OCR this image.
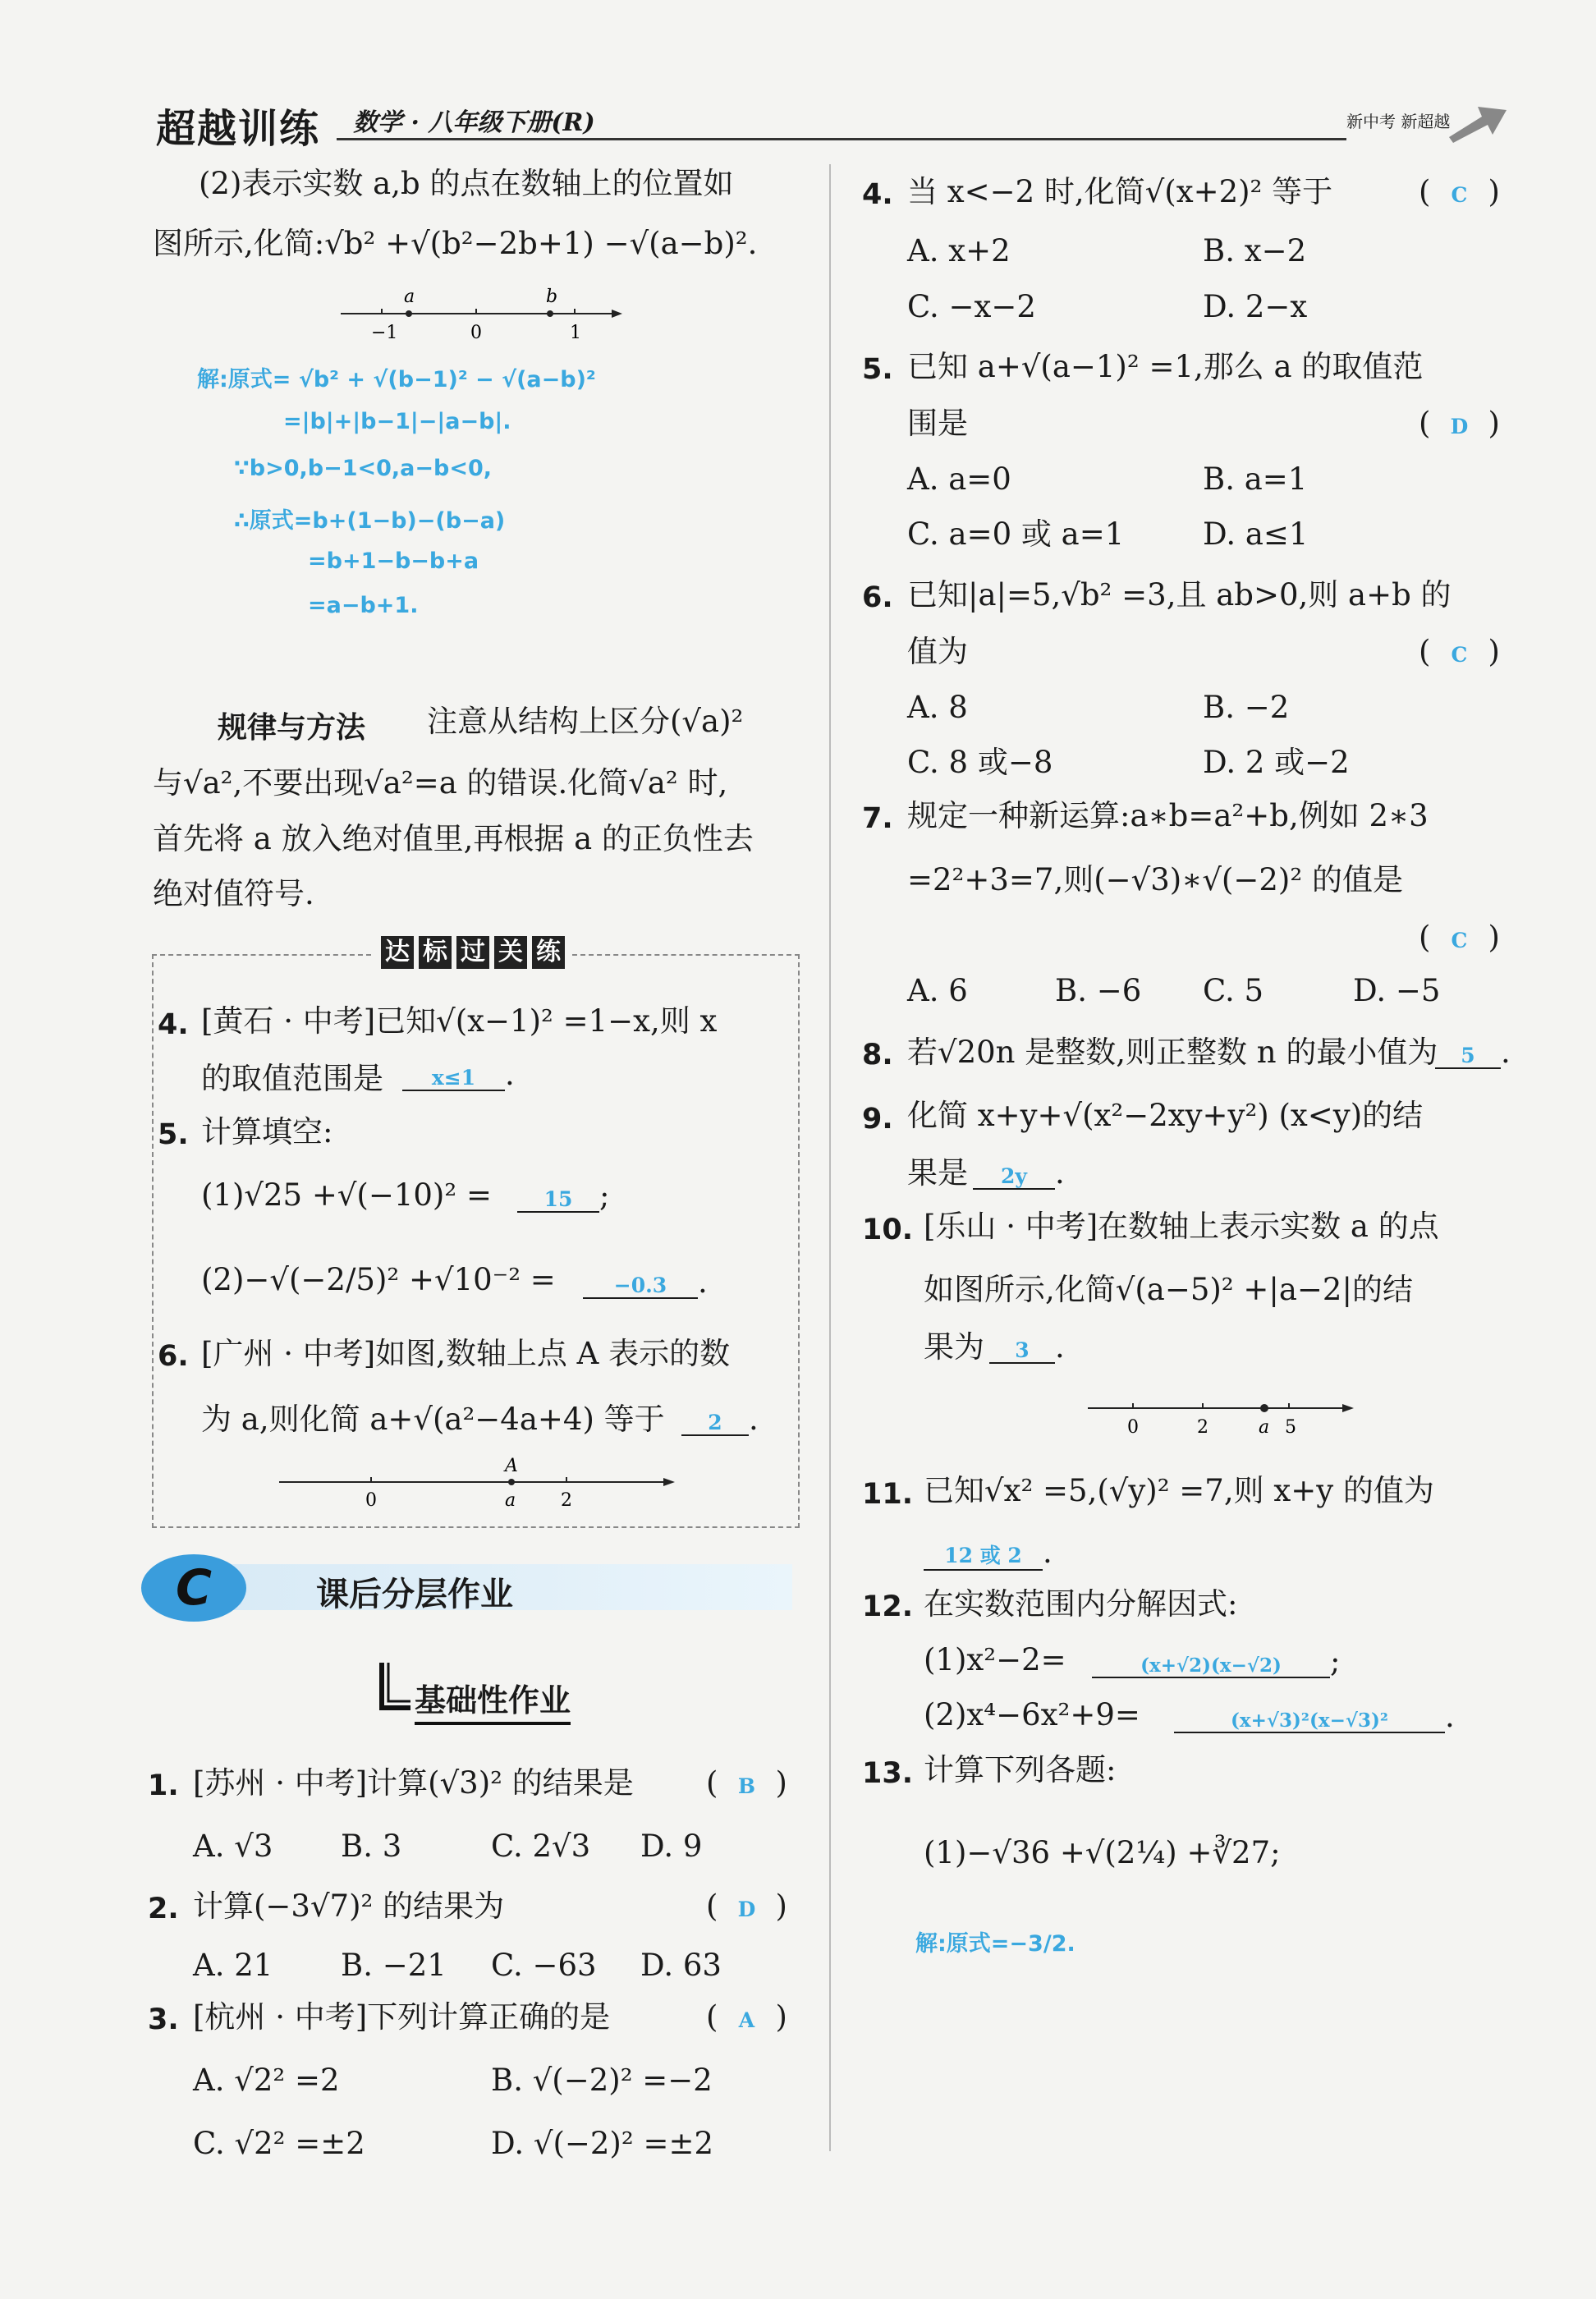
超越训练 数学 · 八年级下册(R)	新中考 新超越
(2)表示实数 a,b 的点在数轴上的位置如
图所示,化简:√b² +√(b²−2b+1) −√(a−b)².
a	b
−1	0	1
解:原式= √b² + √(b−1)² − √(a−b)²
=|b|+|b−1|−|a−b|.
∵b>0,b−1<0,a−b<0,
∴原式=b+(1−b)−(b−a)
=b+1−b−b+a
=a−b+1.
规律与方法 注意从结构上区分(√a)²
与√a²,不要出现√a²=a 的错误.化简√a² 时,
首先将 a 放入绝对值里,再根据 a 的正负性去
绝对值符号.
达 标 过 关 练
4. [黄石 · 中考]已知√(x−1)² =1−x,则 x
的取值范围是	x≤1 .
5. 计算填空:
(1)√25 +√(−10)² =	15 ;
(2)−√(−2/5)² +√10⁻² =	−0.3 .
6. [广州 · 中考]如图,数轴上点 A 表示的数
为 a,则化简 a+√(a²−4a+4) 等于	2 .
A
0	a 2
C	课后分层作业
基础性作业
1. [苏州 · 中考]计算(√3)² 的结果是 ( B )
A. √3 B. 3	C. 2√3 D. 9
2. 计算(−3√7)² 的结果为	( D )
A. 21 B. −21 C. −63 D. 63
3. [杭州 · 中考]下列计算正确的是	( A )
A. √2² =2	B. √(−2)² =−2
C. √2² =±2	D. √(−2)² =±2
4. 当 x<−2 时,化简√(x+2)² 等于	( C )
A. x+2	B. x−2
C. −x−2	D. 2−x
5. 已知 a+√(a−1)² =1,那么 a 的取值范
围是	( D )
A. a=0	B. a=1
C. a=0 或 a=1	D. a≤1
6. 已知|a|=5,√b² =3,且 ab>0,则 a+b 的
值为	( C )
A. 8	B. −2
C. 8 或−8	D. 2 或−2
7. 规定一种新运算:a∗b=a²+b,例如 2∗3
=2²+3=7,则(−√3)∗√(−2)² 的值是
( C )
A. 6	B. −6 C. 5	D. −5
8. 若√20n 是整数,则正整数 n 的最小值为	5 .
9. 化简 x+y+√(x²−2xy+y²) (x<y)的结
果是	2y .
10. [乐山 · 中考]在数轴上表示实数 a 的点
如图所示,化简√(a−5)² +|a−2|的结
果为	3 .
0	2	a 5
11. 已知√x² =5,(√y)² =7,则 x+y 的值为
12 或 2 .
12. 在实数范围内分解因式:
(1)x²−2=	(x+√2)(x−√2) ;
(2)x⁴−6x²+9=	(x+√3)²(x−√3)² .
13. 计算下列各题:
(1)−√36 +√(2¼) +∛27;
解:原式=−3/2.
